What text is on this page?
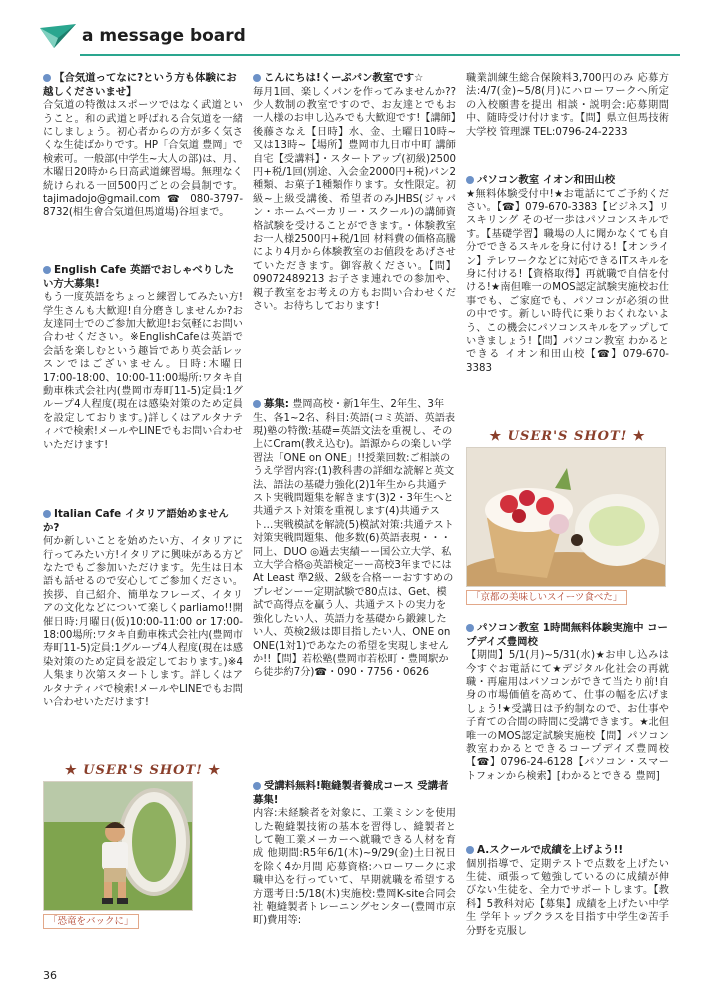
a message board
【合気道ってなに?という方も体験にお越しくださいませ】

合気道の特徴はスポーツではなく武道ということ。和の武道と呼ばれる合気道を一緒にしましょう。初心者からの方が多く気さくな生徒ばかりです。HP「合気道 豊岡」で検索可。一般部(中学生~大人の部)は、月、木曜日20時から日高武道練習場。無理なく続けられる一回500円ごとの会員制です。tajimadojo@gmail.com ☎ 080-3797-8732(相生會合気道但馬道場)谷垣まで。

English Cafe 英語でおしゃべりしたい方大募集!

もう一度英語をちょっと練習してみたい方!学生さんも大歓迎!自分磨きしませんか?お友達同士でのご参加大歓迎!お気軽にお問い合わせください。※EnglishCafeは英語で会話を楽しむという趣旨であり英会話レッスンではございません。日時:木曜日17:00-18:00、10:00-11:00場所:ワタキ自動車株式会社内(豊岡市寿町11-5)定員:1グループ4人程度(現在は感染対策のため定員を設定しております。)詳しくはアルタナティバで検索!メールやLINEでもお問い合わせいただけます!

Italian Cafe イタリア語始めませんか?

何か新しいことを始めたい方、イタリアに行ってみたい方!イタリアに興味がある方どなたでもご参加いただけます。先生は日本語も話せるので安心してご参加ください。挨拶、自己紹介、簡単なフレーズ、イタリアの文化などについて楽しくparliamo!!開催日時:月曜日(仮)10:00-11:00 or 17:00-18:00場所:ワタキ自動車株式会社内(豊岡市寿町11-5)定員:1グループ4人程度(現在は感染対策のため定員を設定しております。)※4人集まり次第スタートします。詳しくはアルタナティバで検索!メールやLINEでもお問い合わせいただけます!

★ USER'S SHOT! ★
「恐竜をバックに」
こんにちは!くーぷパン教室です☆

毎月1回、楽しくパンを作ってみませんか??少人数制の教室ですので、お友達とでもお一人様のお申し込みでも大歓迎です!【講師】後藤さなえ【日時】水、金、土曜日10時~又は13時~【場所】豊岡市九日市中町 講師自宅【受講料】・スタートアップ(初級)2500円+税/1回(別途、入会金2000円+税)パン2種類、お菓子1種類作ります。女性限定。初級~上級受講後、希望者のみJHBS(ジャパン・ホームベーカリー・スクール)の講師資格試験を受けることができます。・体験教室 お一人様2500円+税/1回 材料費の価格高騰により4月から体験教室のお値段をあげさせていただきます。御容赦ください。【問】09072489213 お子さま連れでの参加や、親子教室をお考えの方もお問い合わせください。お待ちしております!

募集: 豊岡高校・新1年生、2年生、3年生、各1~2名、科目:英語(コミ英語、英語表現)塾の特徴:基礎=英語文法を重視し、その上にCram(教え込む)。語源からの楽しい学習法「ONE on ONE」!!授業回数:ご相談のうえ学習内容:(1)教科書の詳細な読解と英文法、語法の基礎力強化(2)1年生から共通テスト実戦問題集を解きます(3)2・3年生へと共通テスト対策を重視します(4)共通テスト…実戦模試を解読(5)模試対策:共通テスト対策実戦問題集、他多数(6)英語表現・・・同上、DUO ◎過去実績ーー国公立大学、私立大学合格◎英語検定ーー高校3年までにはAt Least 準2級、2級を合格ーーおすすめのプレゼンーー定期試験で80点は、Get、模試で高得点を贏う人、共通テストの実力を強化したい人、英語力を基礎から鍛錬したい人、英検2級は即目指したい人、ONE on ONE(1対1)であなたの希望を実現しませんか!!【問】若松塾(豊岡市若松町・豊岡駅から徒歩約7分)☎・090・7756・0626

受講料無料!鞄縫製者養成コース 受講者募集!

内容:未経験者を対象に、工業ミシンを使用した鞄縫製技術の基本を習得し、縫製者として鞄工業メーカーへ就職できる人材を育成 他期間:R5年6/1(木)~9/29(金)土日祝日を除く4か月間 応募資格:ハローワークに求職申込を行っていて、早期就職を希望する方選考日:5/18(木)実施校:豊岡K-site合同会社 鞄縫製者トレーニングセンター(豊岡市京町)費用等:

職業訓練生総合保険料3,700円のみ 応募方法:4/7(金)~5/8(月)にハローワークへ所定の入校願書を提出 相談・説明会:応募期間中、随時受け付けます。【問】県立但馬技術大学校 管理課 TEL:0796-24-2233

パソコン教室 イオン和田山校

★無料体験受付中!★お電話にてご予約ください。【☎】079-670-3383【ビジネス】リスキリング そのゼ一歩はパソコンスキルです。【基礎学習】職場の人に聞かなくても自分でできるスキルを身に付ける!【オンライン】テレワークなどに対応できるITスキルを身に付ける!【資格取得】再就職で自信を付ける!★南但唯一のMOS認定試験実施校お仕事でも、ご家庭でも、パソコンが必須の世の中です。新しい時代に乗りおくれないよう、この機会にパソコンスキルをアップしていきましょう!【問】パソコン教室 わかるとできる イオン和田山校【☎】079-670-3383

★ USER'S SHOT! ★
「京都の美味しいスイーツ食べた」
パソコン教室 1時間無料体験実施中 コープデイズ豊岡校

【期間】5/1(月)~5/31(水)★お申し込みは今すぐお電話にて★デジタル化社会の再就職・再雇用はパソコンができて当たり前!自身の市場価値を高めて、仕事の幅を広げましょう!★受講日は予約制なので、お仕事や子育ての合間の時間に受講できます。★北但唯一のMOS認定試験実施校【問】パソコン教室わかるとできるコープデイズ豊岡校【☎】0796-24-6128【パソコン・スマートフォンから検索】[わかるとできる 豊岡]

A.スクールで成績を上げよう!!

個別指導で、定期テストで点数を上げたい生徒、頑張って勉強しているのに成績が伸びない生徒を、全力でサポートします。【教科】5教科対応【募集】成績を上げたい中学生 学年トップクラスを目指す中学生②苦手分野を克服し

36
